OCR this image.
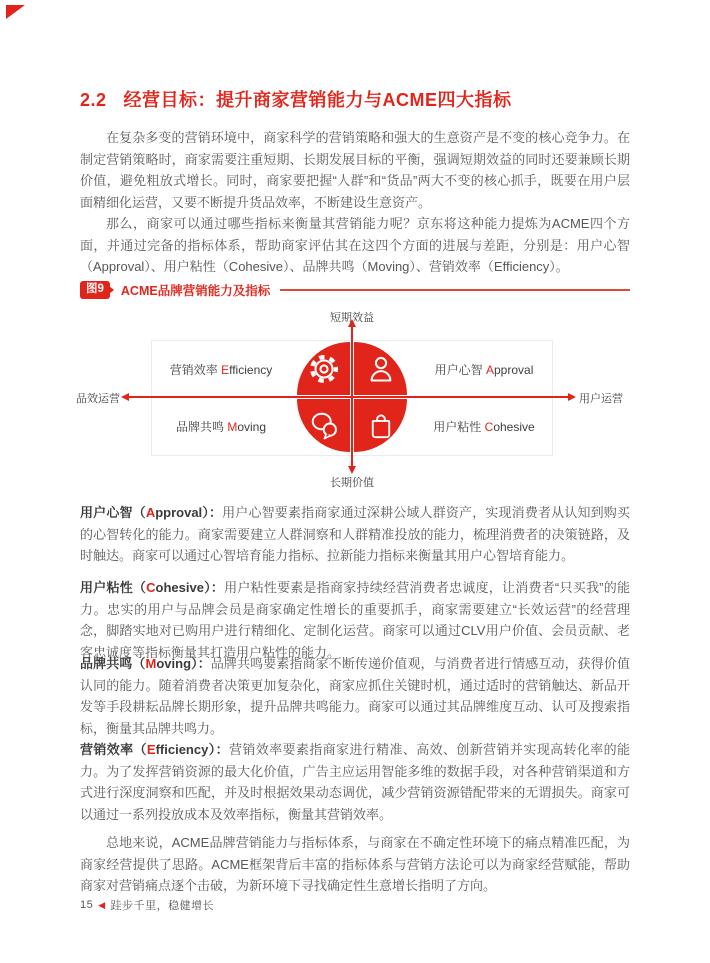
2.2 经营目标：提升商家营销能力与ACME四大指标

在复杂多变的营销环境中，商家科学的营销策略和强大的生意资产是不变的核心竞争力。在制定营销策略时，商家需要注重短期、长期发展目标的平衡，强调短期效益的同时还要兼顾长期价值，避免粗放式增长。同时，商家要把握“人群”和“货品”两大不变的核心抓手，既要在用户层面精细化运营，又要不断提升货品效率，不断建设生意资产。

那么，商家可以通过哪些指标来衡量其营销能力呢？京东将这种能力提炼为ACME四个方面，并通过完备的指标体系，帮助商家评估其在这四个方面的进展与差距，分别是：用户心智（Approval）、用户粘性（Cohesive）、品牌共鸣（Moving）、营销效率（Efficiency）。

图9	ACME品牌营销能力及指标
短期效益
长期价值
品效运营	用户运营
营销效率 Efficiency	用户心智 Approval
品牌共鸣 Moving	用户粘性 Cohesive

用户心智（Approval）：用户心智要素指商家通过深耕公域人群资产，实现消费者从认知到购买的心智转化的能力。商家需要建立人群洞察和人群精准投放的能力，梳理消费者的决策链路，及时触达。商家可以通过心智培育能力指标、拉新能力指标来衡量其用户心智培育能力。

用户粘性（Cohesive）：用户粘性要素是指商家持续经营消费者忠诚度，让消费者“只买我”的能力。忠实的用户与品牌会员是商家确定性增长的重要抓手，商家需要建立“长效运营”的经营理念，脚踏实地对已购用户进行精细化、定制化运营。商家可以通过CLV用户价值、会员贡献、老客忠诚度等指标衡量其打造用户粘性的能力。

品牌共鸣（Moving）：品牌共鸣要素指商家不断传递价值观，与消费者进行情感互动，获得价值认同的能力。随着消费者决策更加复杂化，商家应抓住关键时机，通过适时的营销触达、新品开发等手段耕耘品牌长期形象，提升品牌共鸣能力。商家可以通过其品牌维度互动、认可及搜索指标，衡量其品牌共鸣力。

营销效率（Efficiency）：营销效率要素指商家进行精准、高效、创新营销并实现高转化率的能力。为了发挥营销资源的最大化价值，广告主应运用智能多维的数据手段，对各种营销渠道和方式进行深度洞察和匹配，并及时根据效果动态调优，减少营销资源错配带来的无谓损失。商家可以通过一系列投放成本及效率指标，衡量其营销效率。

总地来说，ACME品牌营销能力与指标体系，与商家在不确定性环境下的痛点精准匹配，为商家经营提供了思路。ACME框架背后丰富的指标体系与营销方法论可以为商家经营赋能，帮助商家对营销痛点逐个击破，为新环境下寻找确定性生意增长指明了方向。

15 ◀ 跬步千里，稳健增长
